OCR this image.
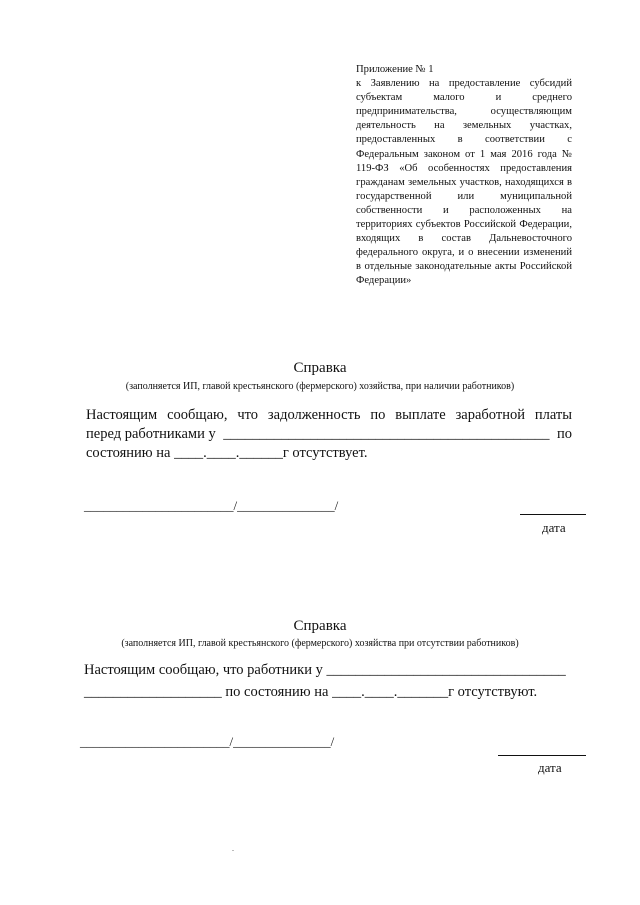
Приложение № 1
к Заявлению на предоставление субсидий субъектам малого и среднего предпринимательства, осуществляющим деятельность на земельных участках, предоставленных в соответствии с Федеральным законом от 1 мая 2016 года № 119-ФЗ «Об особенностях предоставления гражданам земельных участков, находящихся в государственной или муниципальной собственности и расположенных на территориях субъектов Российской Федерации, входящих в состав Дальневосточного федерального округа, и о внесении изменений в отдельные законодательные акты Российской Федерации»
Справка
(заполняется ИП, главой крестьянского (фермерского) хозяйства, при наличии работников)
Настоящим сообщаю, что задолженность по выплате заработной платы
перед работниками у _____________________________________________ по
состоянию на ____.____.______г отсутствует.
_______________________/_______________/
дата
Справка
(заполняется ИП, главой крестьянского (фермерского) хозяйства при отсутствии работников)
Настоящим сообщаю, что работники у _________________________________
___________________ по состоянию на ____.____._______г отсутствуют.
_______________________/_______________/
дата
